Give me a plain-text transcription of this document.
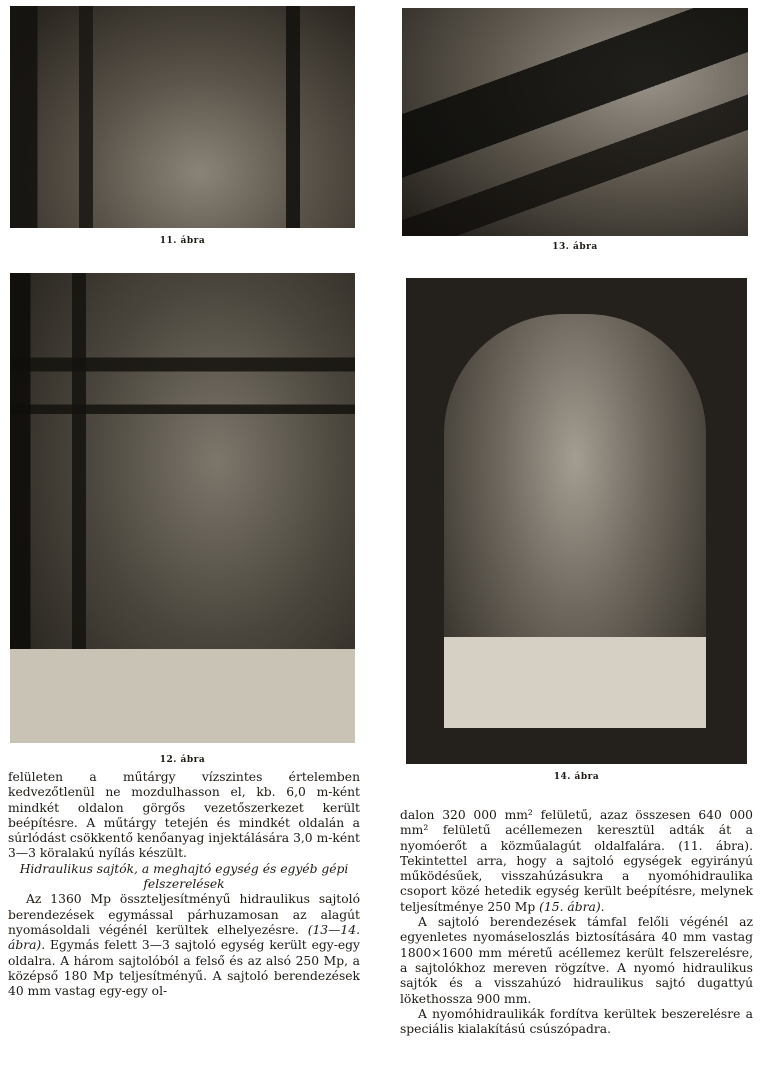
11. ábra
13. ábra
12. ábra
14. ábra

felületen a műtárgy vízszintes értelemben kedvezőtlenül ne mozdulhasson el, kb. 6,0 m-ként mindkét oldalon görgős vezetőszerkezet került beépítésre. A műtárgy tetején és mindkét oldalán a súrlódást csökkentő kenőanyag injektálására 3,0 m-ként 3—3 köralakú nyílás készült.

Hidraulikus sajtók, a meghajtó egység és egyéb gépi
felszerelések

Az 1360 Mp összteljesítményű hidraulikus sajtoló berendezések egymással párhuzamosan az alagút nyomásoldali végénél kerültek elhelyezésre. (13—14. ábra). Egymás felett 3—3 sajtoló egység került egy-egy oldalra. A három sajtolóból a felső és az alsó 250 Mp, a középső 180 Mp teljesítményű. A sajtoló berendezések 40 mm vastag egy-egy ol-

dalon 320 000 mm² felületű, azaz összesen 640 000 mm² felületű acéllemezen keresztül adták át a nyomóerőt a közműalagút oldalfalára. (11. ábra). Tekintettel arra, hogy a sajtoló egységek egyirányú működésűek, visszahúzásukra a nyomóhidraulika csoport közé hetedik egység került beépítésre, melynek teljesítménye 250 Mp (15. ábra).

A sajtoló berendezések támfal felőli végénél az egyenletes nyomáseloszlás biztosítására 40 mm vastag 1800×1600 mm méretű acéllemez került felszerelésre, a sajtolókhoz mereven rögzítve. A nyomó hidraulikus sajtók és a visszahúzó hidraulikus sajtó dugattyú lökethossza 900 mm.

A nyomóhidraulikák fordítva kerültek beszerelésre a speciális kialakítású csúszópadra.
